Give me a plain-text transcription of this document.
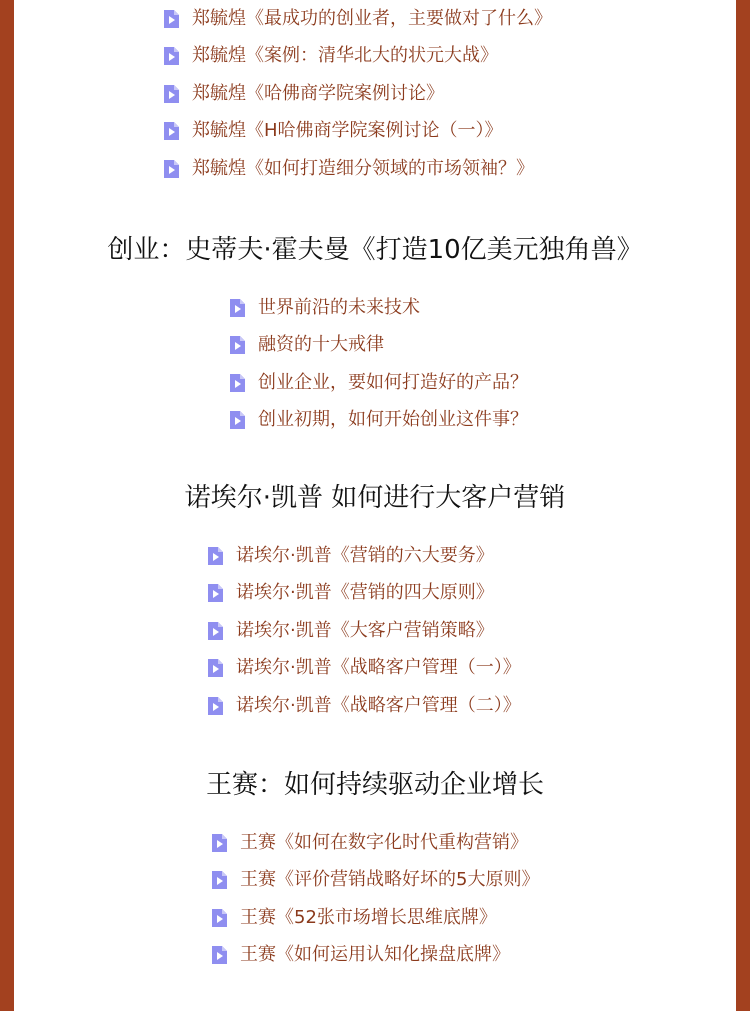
郑毓煌《最成功的创业者，主要做对了什么》
郑毓煌《案例：清华北大的状元大战》
郑毓煌《哈佛商学院案例讨论》
郑毓煌《H哈佛商学院案例讨论（一）》
郑毓煌《如何打造细分领域的市场领袖？》
创业：史蒂夫·霍夫曼《打造10亿美元独角兽》
世界前沿的未来技术
融资的十大戒律
创业企业，要如何打造好的产品？
创业初期，如何开始创业这件事？
诺埃尔·凯普 如何进行大客户营销
诺埃尔·凯普《营销的六大要务》
诺埃尔·凯普《营销的四大原则》
诺埃尔·凯普《大客户营销策略》
诺埃尔·凯普《战略客户管理（一）》
诺埃尔·凯普《战略客户管理（二）》
王赛：如何持续驱动企业增长
王赛《如何在数字化时代重构营销》
王赛《评价营销战略好坏的5大原则》
王赛《52张市场增长思维底牌》
王赛《如何运用认知化操盘底牌》
